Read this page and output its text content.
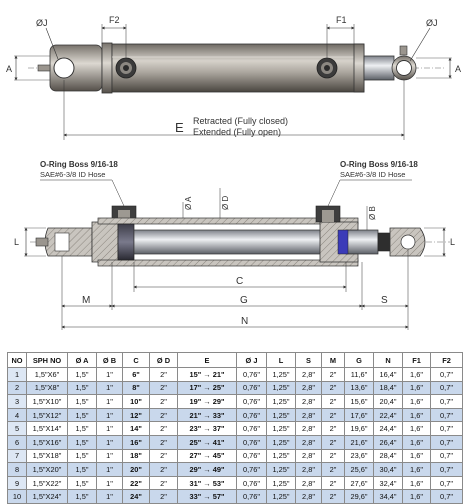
ØJ	ØJ
F2	F1
A	A
E Retracted (Fully closed)
Extended (Fully open)
O-Ring Boss 9/16-18
SAE#6-3/8 ID Hose
O-Ring Boss 9/16-18
SAE#6-3/8 ID Hose
Ø A	Ø D
Ø B
L	L
C
M	G	S
N
NO	SPH NO	Ø A	Ø B	C	Ø D	E	Ø J	L	S	M	G	N	F1	F2
1	1,5"X6"	1,5"	1"	6"	2"	15" → 21"	0,76"	1,25"	2,8"	2"	11,6"	16,4"	1,6"	0,7"
2	1,5"X8"	1,5"	1"	8"	2"	17" → 25"	0,76"	1,25"	2,8"	2"	13,6"	18,4"	1,6"	0,7"
3	1,5"X10"	1,5"	1"	10"	2"	19" → 29"	0,76"	1,25"	2,8"	2"	15,6"	20,4"	1,6"	0,7"
4	1,5"X12"	1,5"	1"	12"	2"	21" → 33"	0,76"	1,25"	2,8"	2"	17,6"	22,4"	1,6"	0,7"
5	1,5"X14"	1,5"	1"	14"	2"	23" → 37"	0,76"	1,25"	2,8"	2"	19,6"	24,4"	1,6"	0,7"
6	1,5"X16"	1,5"	1"	16"	2"	25" → 41"	0,76"	1,25"	2,8"	2"	21,6"	26,4"	1,6"	0,7"
7	1,5"X18"	1,5"	1"	18"	2"	27" → 45"	0,76"	1,25"	2,8"	2"	23,6"	28,4"	1,6"	0,7"
8	1,5"X20"	1,5"	1"	20"	2"	29" → 49"	0,76"	1,25"	2,8"	2"	25,6"	30,4"	1,6"	0,7"
9	1,5"X22"	1,5"	1"	22"	2"	31" → 53"	0,76"	1,25"	2,8"	2"	27,6"	32,4"	1,6"	0,7"
10	1,5"X24"	1,5"	1"	24"	2"	33" → 57"	0,76"	1,25"	2,8"	2"	29,6"	34,4"	1,6"	0,7"
